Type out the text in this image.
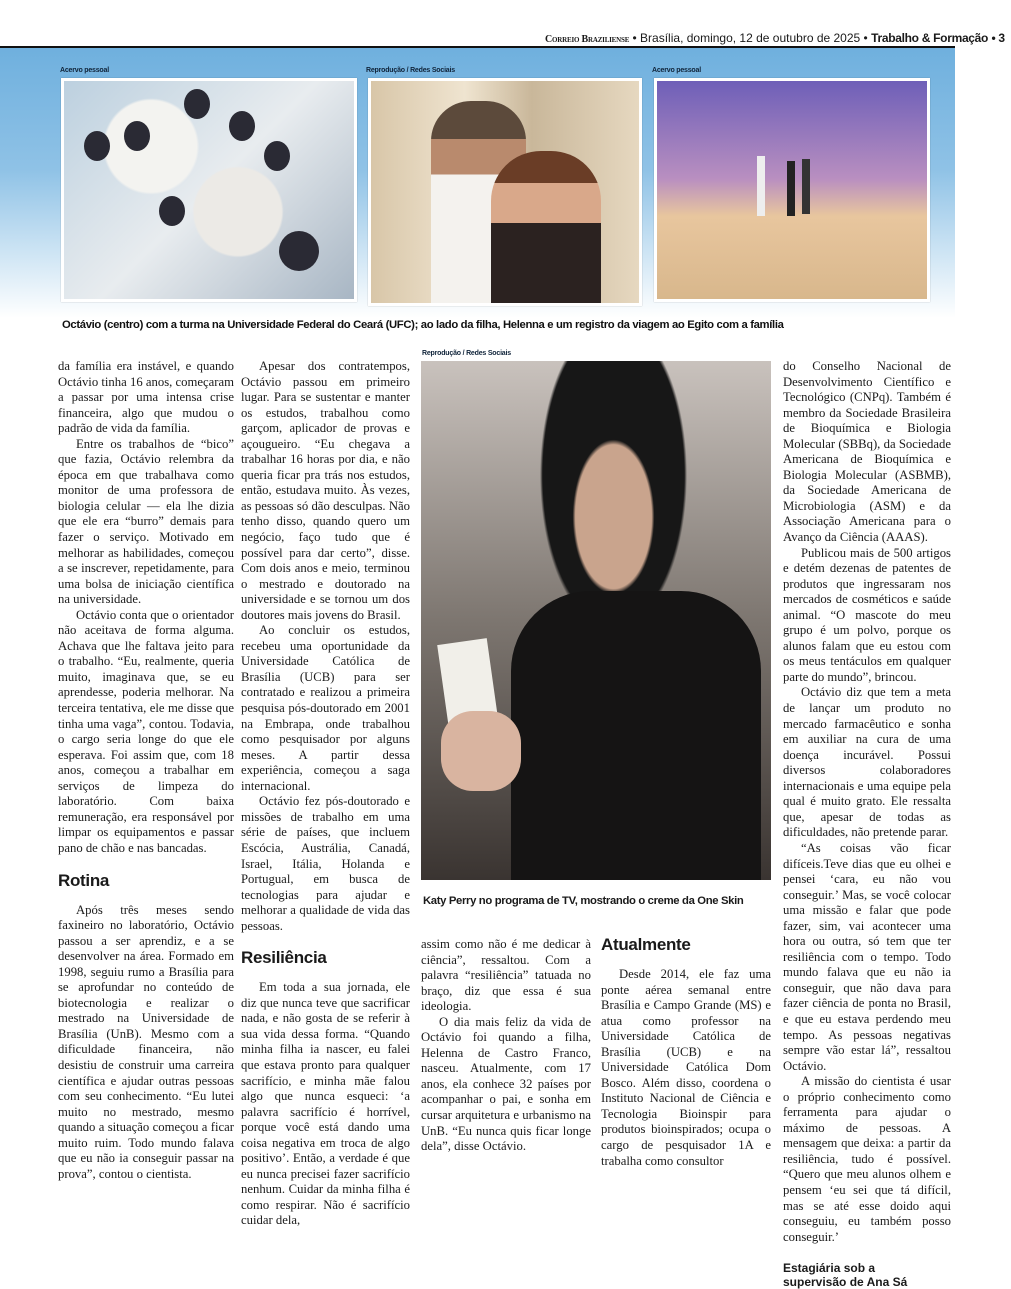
Correio Braziliense • Brasília, domingo, 12 de outubro de 2025 • Trabalho & Formação • 3
Acervo pessoal	Reprodução / Redes Sociais	Acervo pessoal
Octávio (centro) com a turma na Universidade Federal do Ceará (UFC); ao lado da filha, Helenna e um registro da viagem ao Egito com a família
Reprodução / Redes Sociais
Katy Perry no programa de TV, mostrando o creme da One Skin

da família era instável, e quando Octávio tinha 16 anos, começaram a passar por uma intensa crise financeira, algo que mudou o padrão de vida da família.

Entre os trabalhos de “bico” que fazia, Octávio relembra da época em que trabalhava como monitor de uma professora de biologia celular — ela lhe dizia que ele era “burro” demais para fazer o serviço. Motivado em melhorar as habilidades, começou a se inscrever, repetidamente, para uma bolsa de iniciação científica na universidade.

Octávio conta que o orientador não aceitava de forma alguma. Achava que lhe faltava jeito para o trabalho. “Eu, realmente, queria muito, imaginava que, se eu aprendesse, poderia melhorar. Na terceira tentativa, ele me disse que tinha uma vaga”, contou. Todavia, o cargo seria longe do que ele esperava. Foi assim que, com 18 anos, começou a trabalhar em serviços de limpeza do laboratório. Com baixa remuneração, era responsável por limpar os equipamentos e passar pano de chão e nas bancadas.

Rotina

Após três meses sendo faxineiro no laboratório, Octávio passou a ser aprendiz, e a se desenvolver na área. Formado em 1998, seguiu rumo a Brasília para se aprofundar no conteúdo de biotecnologia e realizar o mestrado na Universidade de Brasília (UnB). Mesmo com a dificuldade financeira, não desistiu de construir uma carreira científica e ajudar outras pessoas com seu conhecimento. “Eu lutei muito no mestrado, mesmo quando a situação começou a ficar muito ruim. Todo mundo falava que eu não ia conseguir passar na prova”, contou o cientista.

Apesar dos contratempos, Octávio passou em primeiro lugar. Para se sustentar e manter os estudos, trabalhou como garçom, aplicador de provas e açougueiro. “Eu chegava a trabalhar 16 horas por dia, e não queria ficar pra trás nos estudos, então, estudava muito. Às vezes, as pessoas só dão desculpas. Não tenho disso, quando quero um negócio, faço tudo que é possível para dar certo”, disse. Com dois anos e meio, terminou o mestrado e doutorado na universidade e se tornou um dos doutores mais jovens do Brasil.

Ao concluir os estudos, recebeu uma oportunidade da Universidade Católica de Brasília (UCB) para ser contratado e realizou a primeira pesquisa pós-doutorado em 2001 na Embrapa, onde trabalhou como pesquisador por alguns meses. A partir dessa experiência, começou a saga internacional.

Octávio fez pós-doutorado e missões de trabalho em uma série de países, que incluem Escócia, Austrália, Canadá, Israel, Itália, Holanda e Portugual, em busca de tecnologias para ajudar e melhorar a qualidade de vida das pessoas.

Resiliência

Em toda a sua jornada, ele diz que nunca teve que sacrificar nada, e não gosta de se referir à sua vida dessa forma. “Quando minha filha ia nascer, eu falei que estava pronto para qualquer sacrifício, e minha mãe falou algo que nunca esqueci: ‘a palavra sacrifício é horrível, porque você está dando uma coisa negativa em troca de algo positivo’. Então, a verdade é que eu nunca precisei fazer sacrifício nenhum. Cuidar da minha filha é como respirar. Não é sacrifício cuidar dela,

assim como não é me dedicar à ciência”, ressaltou. Com a palavra “resiliência” tatuada no braço, diz que essa é sua ideologia.

O dia mais feliz da vida de Octávio foi quando a filha, Helenna de Castro Franco, nasceu. Atualmente, com 17 anos, ela conhece 32 países por acompanhar o pai, e sonha em cursar arquitetura e urbanismo na UnB. “Eu nunca quis ficar longe dela”, disse Octávio.

Atualmente

Desde 2014, ele faz uma ponte aérea semanal entre Brasília e Campo Grande (MS) e atua como professor na Universidade Católica de Brasília (UCB) e na Universidade Católica Dom Bosco. Além disso, coordena o Instituto Nacional de Ciência e Tecnologia Bioinspir para produtos bioinspirados; ocupa o cargo de pesquisador 1A e trabalha como consultor

do Conselho Nacional de Desenvolvimento Científico e Tecnológico (CNPq). Também é membro da Sociedade Brasileira de Bioquímica e Biologia Molecular (SBBq), da Sociedade Americana de Bioquímica e Biologia Molecular (ASBMB), da Sociedade Americana de Microbiologia (ASM) e da Associação Americana para o Avanço da Ciência (AAAS).

Publicou mais de 500 artigos e detém dezenas de patentes de produtos que ingressaram nos mercados de cosméticos e saúde animal. “O mascote do meu grupo é um polvo, porque os alunos falam que eu estou com os meus tentáculos em qualquer parte do mundo”, brincou.

Octávio diz que tem a meta de lançar um produto no mercado farmacêutico e sonha em auxiliar na cura de uma doença incurável. Possui diversos colaboradores internacionais e uma equipe pela qual é muito grato. Ele ressalta que, apesar de todas as dificuldades, não pretende parar.

“As coisas vão ficar difíceis.Teve dias que eu olhei e pensei ‘cara, eu não vou conseguir.’ Mas, se você colocar uma missão e falar que pode fazer, sim, vai acontecer uma hora ou outra, só tem que ter resiliência com o tempo. Todo mundo falava que eu não ia conseguir, que não dava para fazer ciência de ponta no Brasil, e que eu estava perdendo meu tempo. As pessoas negativas sempre vão estar lá”, ressaltou Octávio.

A missão do cientista é usar o próprio conhecimento como ferramenta para ajudar o máximo de pessoas. A mensagem que deixa: a partir da resiliência, tudo é possível. “Quero que meu alunos olhem e pensem ‘eu sei que tá difícil, mas se até esse doido aqui conseguiu, eu também posso conseguir.’

Estagiária sob a
supervisão de Ana Sá
